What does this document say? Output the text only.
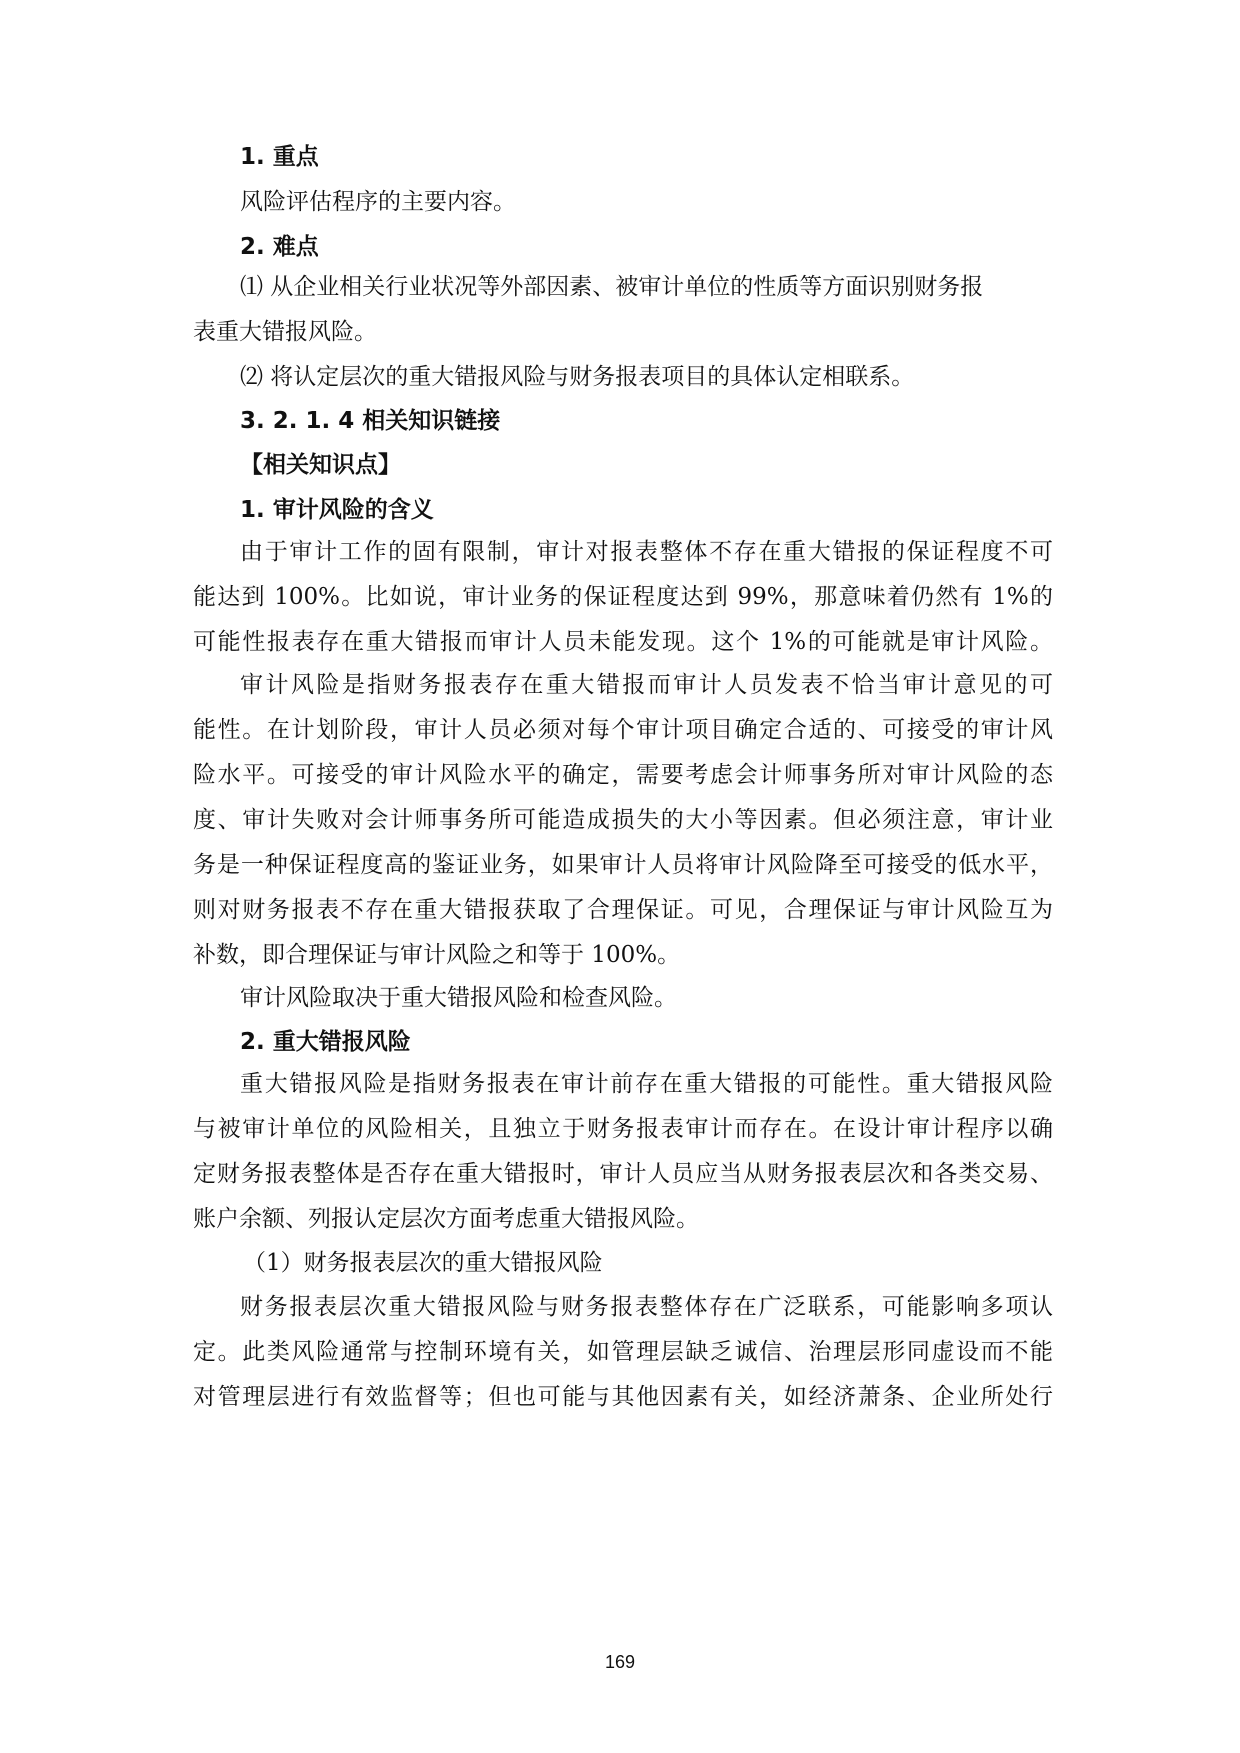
1. 重点
风险评估程序的主要内容。
2. 难点
⑴ 从企业相关行业状况等外部因素、被审计单位的性质等方面识别财务报
表重大错报风险。
⑵ 将认定层次的重大错报风险与财务报表项目的具体认定相联系。
3. 2. 1. 4 相关知识链接
【相关知识点】
1. 审计风险的含义
由于审计工作的固有限制，审计对报表整体不存在重大错报的保证程度不可
能达到 100%。比如说，审计业务的保证程度达到 99%，那意味着仍然有 1%的
可能性报表存在重大错报而审计人员未能发现。这个 1%的可能就是审计风险。
审计风险是指财务报表存在重大错报而审计人员发表不恰当审计意见的可
能性。在计划阶段，审计人员必须对每个审计项目确定合适的、可接受的审计风
险水平。可接受的审计风险水平的确定，需要考虑会计师事务所对审计风险的态
度、审计失败对会计师事务所可能造成损失的大小等因素。但必须注意，审计业
务是一种保证程度高的鉴证业务，如果审计人员将审计风险降至可接受的低水平，
则对财务报表不存在重大错报获取了合理保证。可见，合理保证与审计风险互为
补数，即合理保证与审计风险之和等于 100%。
审计风险取决于重大错报风险和检查风险。
2. 重大错报风险
重大错报风险是指财务报表在审计前存在重大错报的可能性。重大错报风险
与被审计单位的风险相关，且独立于财务报表审计而存在。在设计审计程序以确
定财务报表整体是否存在重大错报时，审计人员应当从财务报表层次和各类交易、
账户余额、列报认定层次方面考虑重大错报风险。
（1）财务报表层次的重大错报风险
财务报表层次重大错报风险与财务报表整体存在广泛联系，可能影响多项认
定。此类风险通常与控制环境有关，如管理层缺乏诚信、治理层形同虚设而不能
对管理层进行有效监督等；但也可能与其他因素有关，如经济萧条、企业所处行
169
